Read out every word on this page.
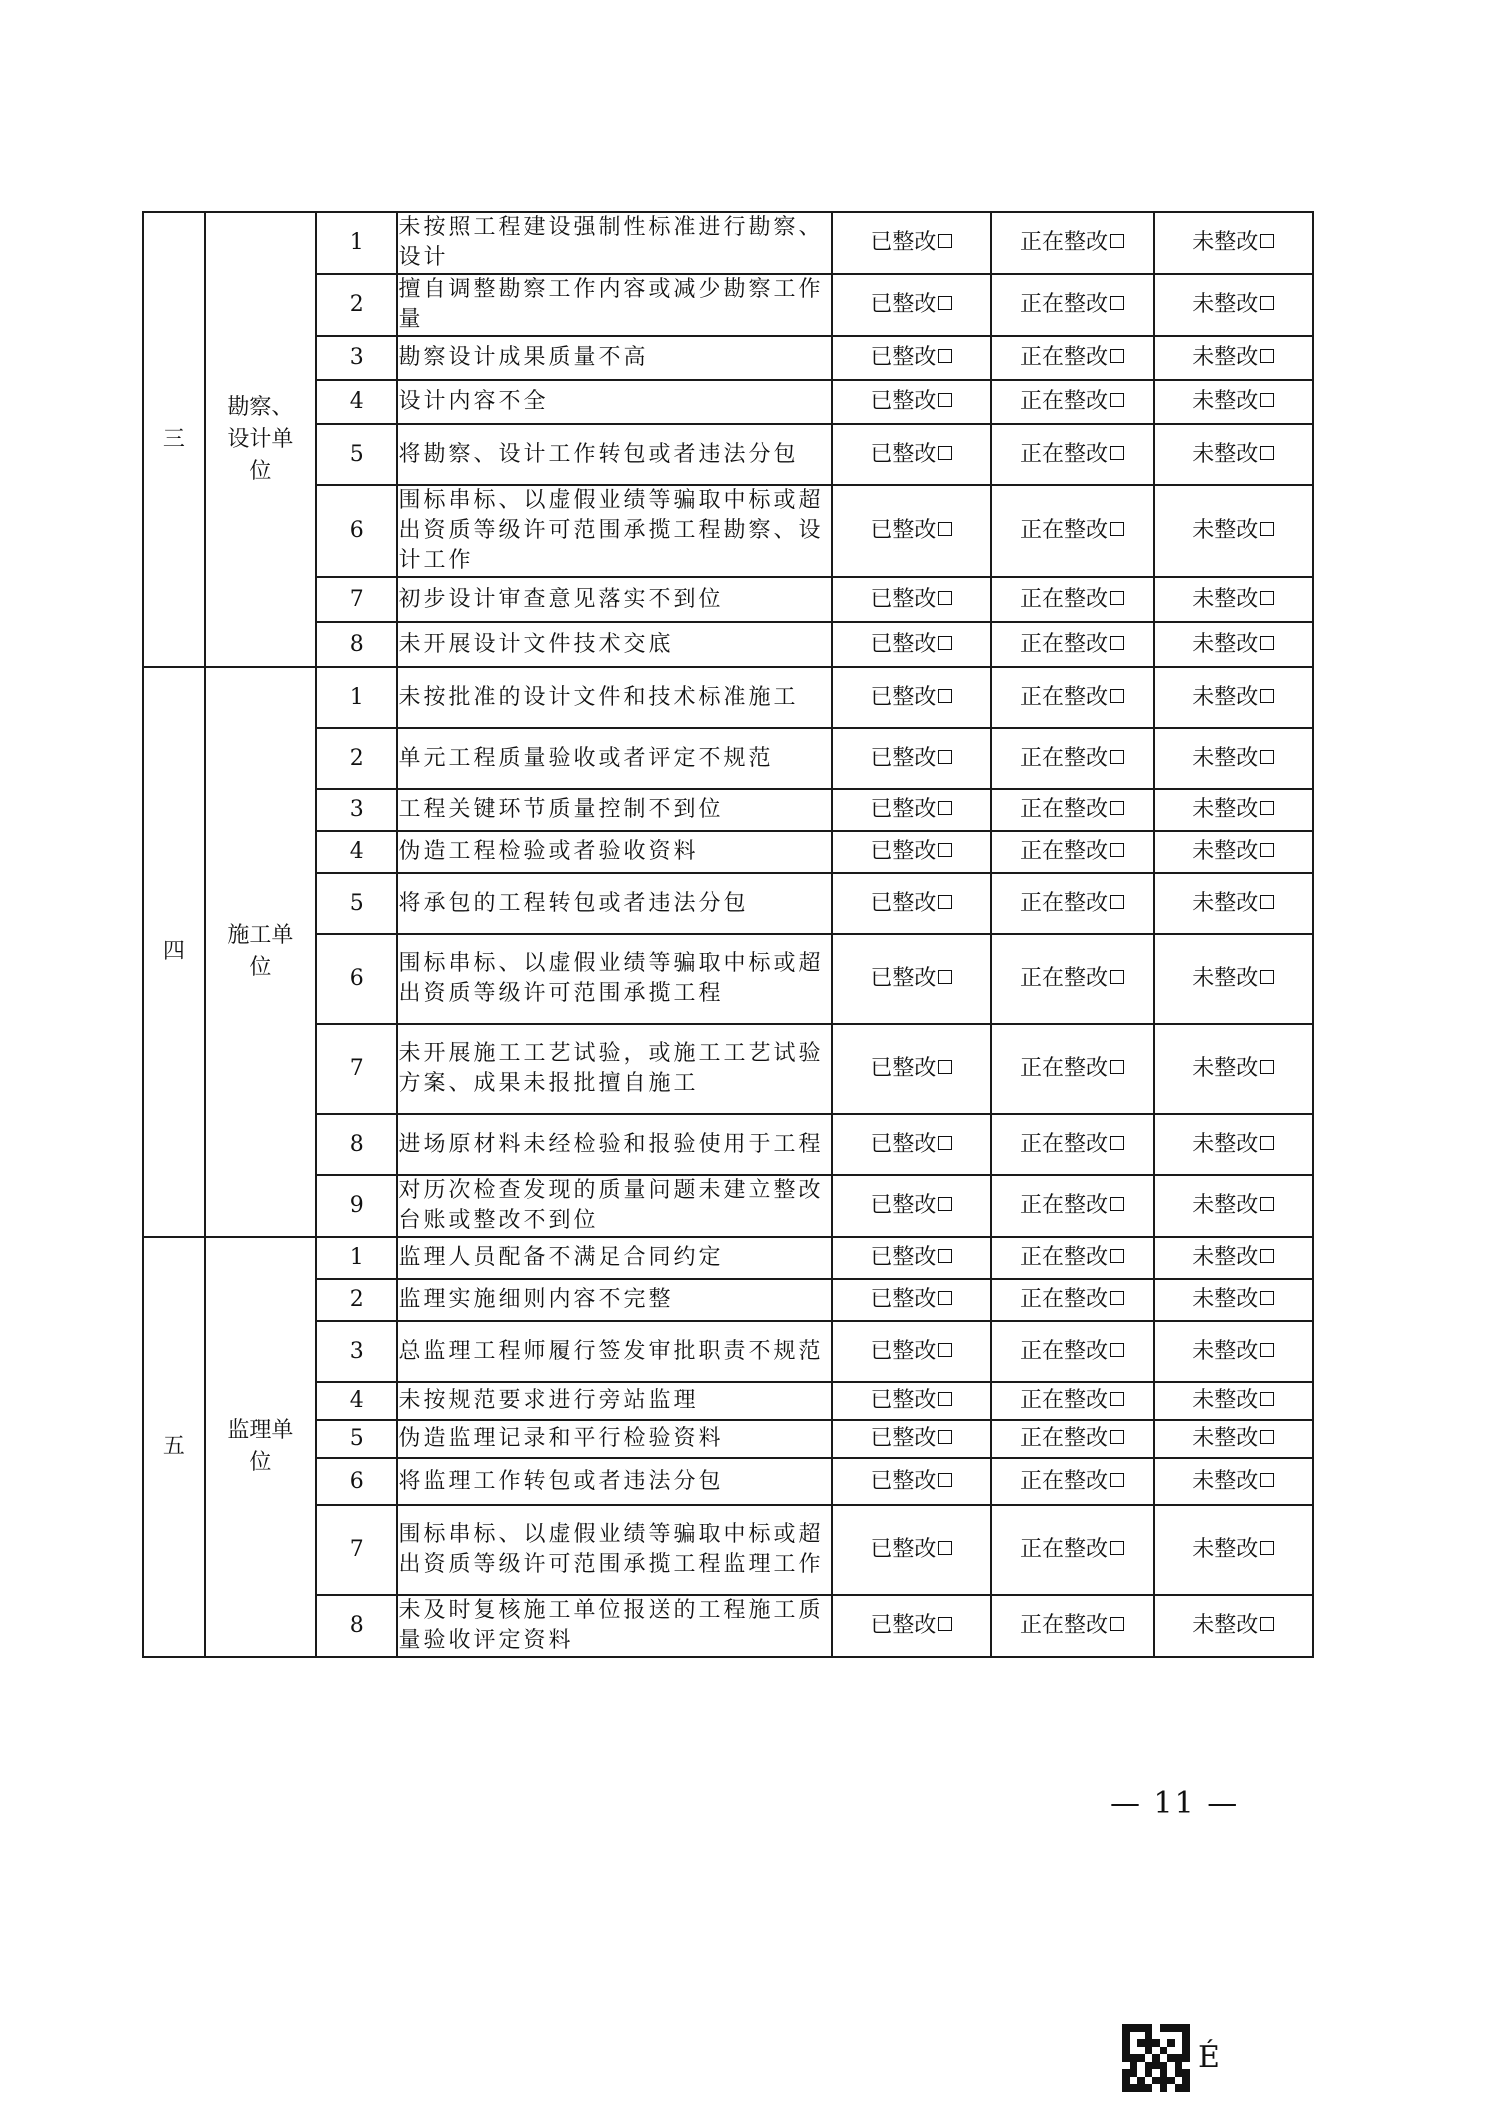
三	勘察、设计单位	1	未按照工程建设强制性标准进行勘察、设计	已整改	正在整改	未整改
		2	擅自调整勘察工作内容或减少勘察工作量	已整改	正在整改	未整改
		3	勘察设计成果质量不高	已整改	正在整改	未整改
		4	设计内容不全	已整改	正在整改	未整改
		5	将勘察、设计工作转包或者违法分包	已整改	正在整改	未整改
		6	围标串标、以虚假业绩等骗取中标或超出资质等级许可范围承揽工程勘察、设计工作	已整改	正在整改	未整改
		7	初步设计审查意见落实不到位	已整改	正在整改	未整改
		8	未开展设计文件技术交底	已整改	正在整改	未整改
四	施工单位	1	未按批准的设计文件和技术标准施工	已整改	正在整改	未整改
		2	单元工程质量验收或者评定不规范	已整改	正在整改	未整改
		3	工程关键环节质量控制不到位	已整改	正在整改	未整改
		4	伪造工程检验或者验收资料	已整改	正在整改	未整改
		5	将承包的工程转包或者违法分包	已整改	正在整改	未整改
		6	围标串标、以虚假业绩等骗取中标或超出资质等级许可范围承揽工程	已整改	正在整改	未整改
		7	未开展施工工艺试验，或施工工艺试验方案、成果未报批擅自施工	已整改	正在整改	未整改
		8	进场原材料未经检验和报验使用于工程	已整改	正在整改	未整改
		9	对历次检查发现的质量问题未建立整改台账或整改不到位	已整改	正在整改	未整改
五	监理单位	1	监理人员配备不满足合同约定	已整改	正在整改	未整改
		2	监理实施细则内容不完整	已整改	正在整改	未整改
		3	总监理工程师履行签发审批职责不规范	已整改	正在整改	未整改
		4	未按规范要求进行旁站监理	已整改	正在整改	未整改
		5	伪造监理记录和平行检验资料	已整改	正在整改	未整改
		6	将监理工作转包或者违法分包	已整改	正在整改	未整改
		7	围标串标、以虚假业绩等骗取中标或超出资质等级许可范围承揽工程监理工作	已整改	正在整改	未整改
		8	未及时复核施工单位报送的工程施工质量验收评定资料	已整改	正在整改	未整改
— 11 —
É
